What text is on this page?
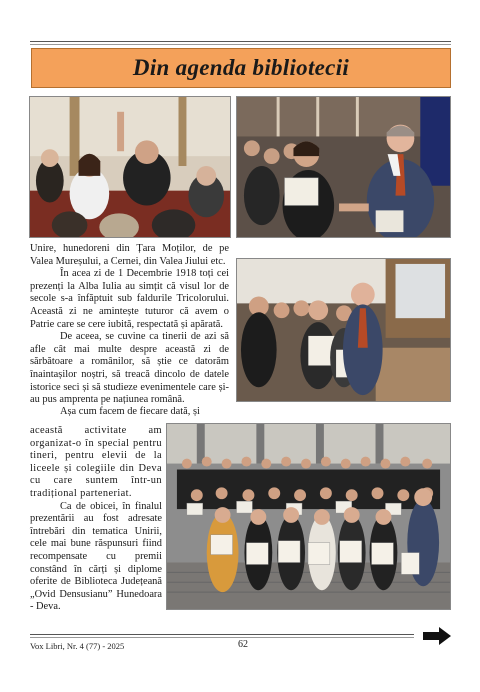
Din agenda bibliotecii

Unire, hunedoreni din Țara Moților, de pe Valea Mureșului, a Cernei, din Valea Jiului etc.

În acea zi de 1 Decembrie 1918 toți cei prezenți la Alba Iulia au simțit că visul lor de secole s-a înfăptuit sub faldurile Tricolorului. Această zi ne amintește tuturor că avem o Patrie care se cere iubită, respectată și apărată.

De aceea, se cuvine ca tinerii de azi să afle cât mai multe despre această zi de sărbătoare a românilor, să știe ce datorăm înaintașilor noștri, să treacă dincolo de datele istorice seci și să studieze evenimentele care și-au pus amprenta pe națiunea română.

Așa cum facem de fiecare dată, și

această activitate am organizat-o în special pentru tineri, pentru elevii de la liceele și colegiile din Deva cu care suntem într-un tradițional parteneriat.

Ca de obicei, în finalul prezentării au fost adresate întrebări din tematica Unirii, cele mai bune răspunsuri fiind recompensate cu premii constând în cărți și diplome oferite de Biblioteca Județeană „Ovid Densusianu” Hunedoara - Deva.

Vox Libri, Nr. 4 (77) - 2025	62
